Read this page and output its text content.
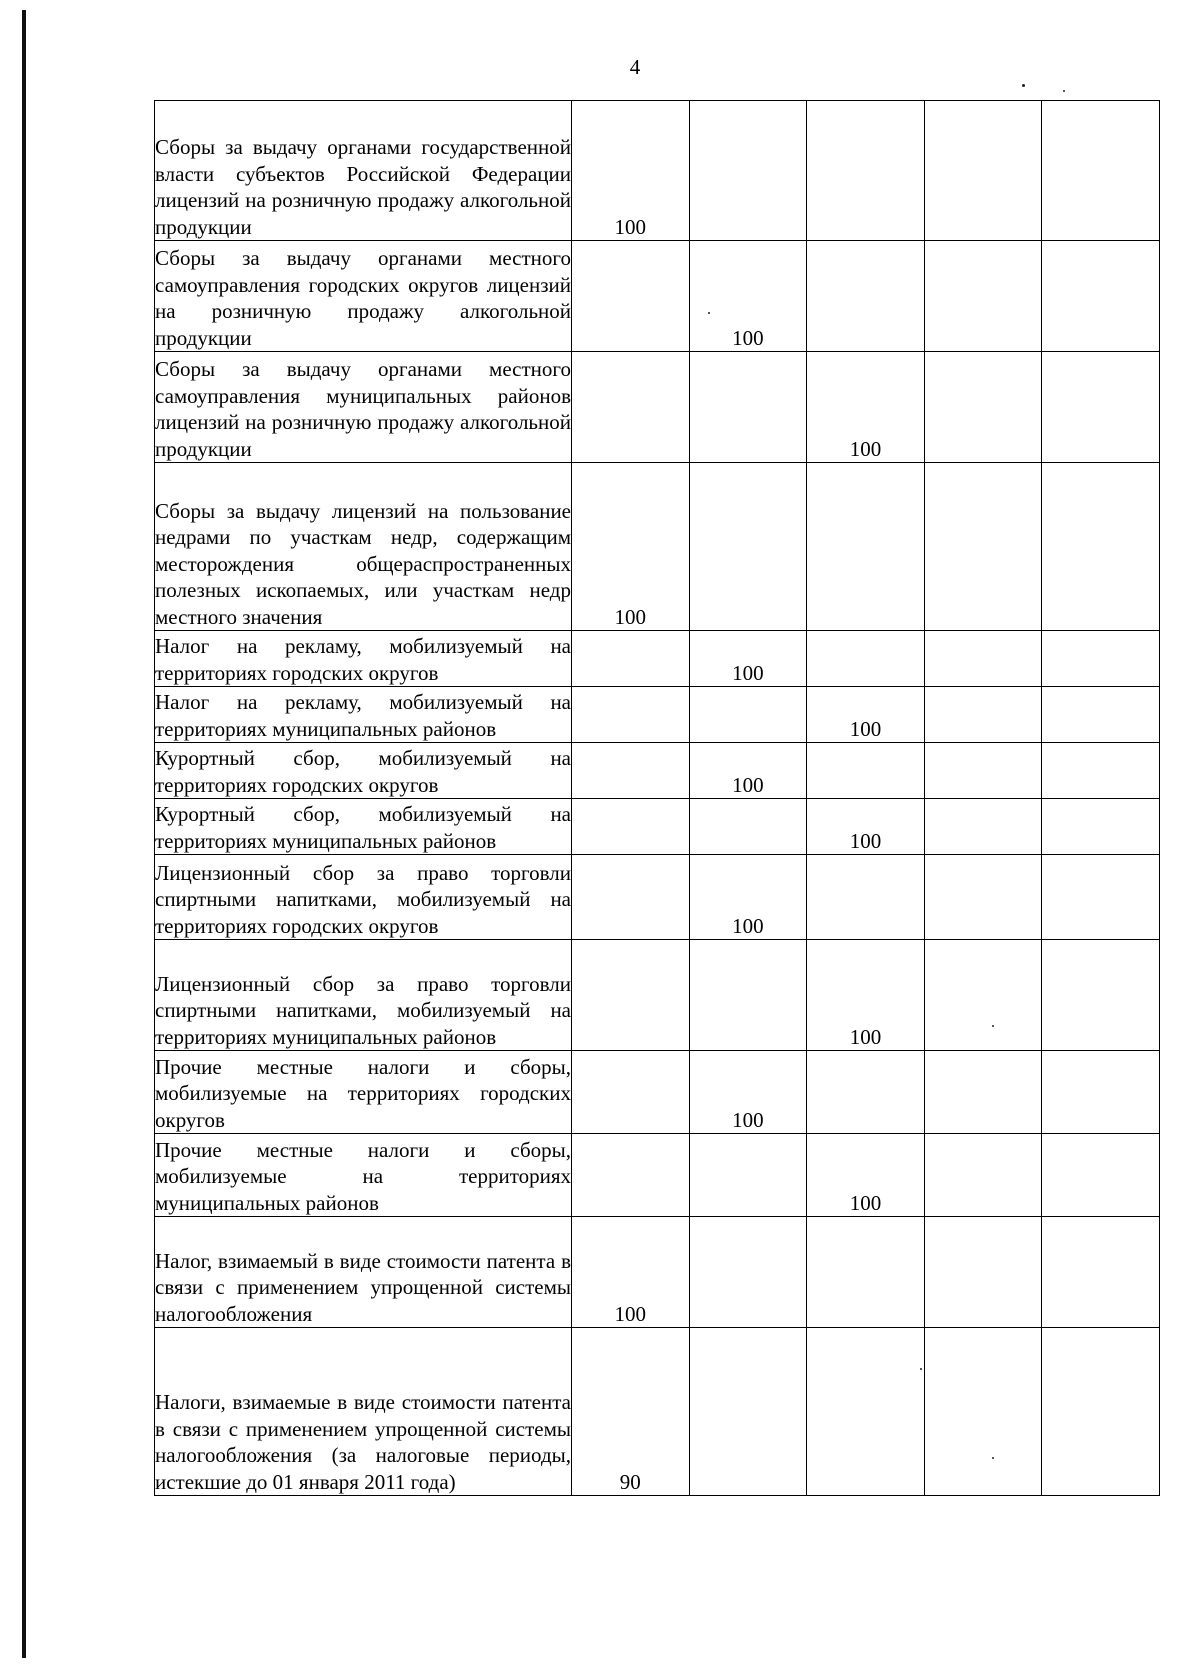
4
Сборы за выдачу органами государственной власти субъектов Российской Федерации лицензий на розничную продажу алкогольной продукции	100				
Сборы за выдачу органами местного самоуправления городских округов лицензий на розничную продажу алкогольной продукции		100			
Сборы за выдачу органами местного самоуправления муниципальных районов лицензий на розничную продажу алкогольной продукции			100		
Сборы за выдачу лицензий на пользование недрами по участкам недр, содержащим месторождения общераспространенных полезных ископаемых, или участкам недр местного значения	100				
Налог на рекламу, мобилизуемый на территориях городских округов		100			
Налог на рекламу, мобилизуемый на территориях муниципальных районов			100		
Курортный сбор, мобилизуемый на территориях городских округов		100			
Курортный сбор, мобилизуемый на территориях муниципальных районов			100		
Лицензионный сбор за право торговли спиртными напитками, мобилизуемый на территориях городских округов		100			
Лицензионный сбор за право торговли спиртными напитками, мобилизуемый на территориях муниципальных районов			100		
Прочие местные налоги и сборы, мобилизуемые на территориях городских округов		100			
Прочие местные налоги и сборы, мобилизуемые на территориях муниципальных районов			100		
Налог, взимаемый в виде стоимости патента в связи с применением упрощенной системы налогообложения	100				
Налоги, взимаемые в виде стоимости патента в связи с применением упрощенной системы налогообложения (за налоговые периоды, истекшие до 01 января 2011 года)	90				
